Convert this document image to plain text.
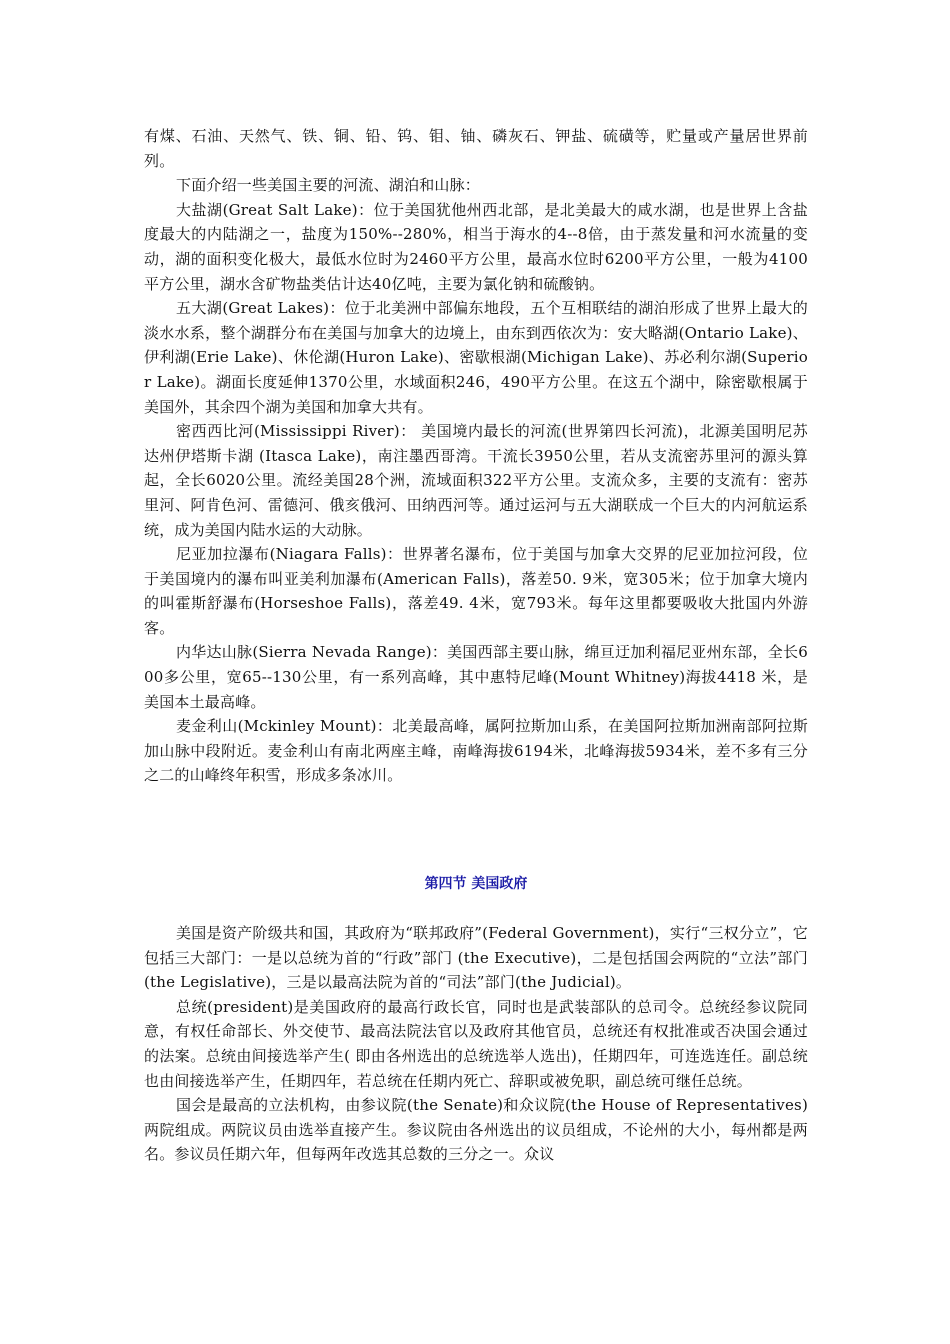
有煤、石油、天然气、铁、铜、铅、钨、钼、铀、磷灰石、钾盐、硫磺等，贮量或产量居世界前列。

下面介绍一些美国主要的河流、湖泊和山脉：

大盐湖(Great Salt Lake)：位于美国犹他州西北部，是北美最大的咸水湖，也是世界上含盐度最大的内陆湖之一，盐度为150%--280%，相当于海水的4--8倍，由于蒸发量和河水流量的变动，湖的面积变化极大，最低水位时为2460平方公里，最高水位时6200平方公里，一般为4100平方公里，湖水含矿物盐类估计达40亿吨，主要为氯化钠和硫酸钠。

五大湖(Great Lakes)：位于北美洲中部偏东地段，五个互相联结的湖泊形成了世界上最大的淡水水系，整个湖群分布在美国与加拿大的边境上，由东到西依次为：安大略湖(Ontario Lake)、伊利湖(Erie Lake)、休伦湖(Huron Lake)、密歇根湖(Michigan Lake)、苏必利尔湖(Superior Lake)。湖面长度延伸1370公里，水域面积246，490平方公里。在这五个湖中，除密歇根属于美国外，其余四个湖为美国和加拿大共有。

密西西比河(Mississippi River)： 美国境内最长的河流(世界第四长河流)，北源美国明尼苏达州伊塔斯卡湖 (Itasca Lake)，南注墨西哥湾。干流长3950公里，若从支流密苏里河的源头算起，全长6020公里。流经美国28个洲，流域面积322平方公里。支流众多，主要的支流有：密苏里河、阿肯色河、雷德河、俄亥俄河、田纳西河等。通过运河与五大湖联成一个巨大的内河航运系统，成为美国内陆水运的大动脉。

尼亚加拉瀑布(Niagara Falls)：世界著名瀑布，位于美国与加拿大交界的尼亚加拉河段，位于美国境内的瀑布叫亚美利加瀑布(American Falls)，落差50. 9米，宽305米；位于加拿大境内的叫霍斯舒瀑布(Horseshoe Falls)，落差49. 4米，宽793米。每年这里都要吸收大批国内外游客。

内华达山脉(Sierra Nevada Range)：美国西部主要山脉，绵亘迂加利福尼亚州东部，全长600多公里，宽65--130公里，有一系列高峰，其中惠特尼峰(Mount Whitney)海拔4418 米，是美国本土最高峰。

麦金利山(Mckinley Mount)：北美最高峰，属阿拉斯加山系，在美国阿拉斯加洲南部阿拉斯加山脉中段附近。麦金利山有南北两座主峰，南峰海拔6194米，北峰海拔5934米，差不多有三分之二的山峰终年积雪，形成多条冰川。

第四节 美国政府

美国是资产阶级共和国，其政府为“联邦政府”(Federal Government)，实行“三权分立”，它包括三大部门：一是以总统为首的“行政”部门 (the Executive)，二是包括国会两院的“立法”部门 (the Legislative)，三是以最高法院为首的“司法”部门(the Judicial)。

总统(president)是美国政府的最高行政长官，同时也是武装部队的总司令。总统经参议院同意，有权任命部长、外交使节、最高法院法官以及政府其他官员，总统还有权批准或否决国会通过的法案。总统由间接选举产生( 即由各州选出的总统选举人选出)，任期四年，可连选连任。副总统也由间接选举产生，任期四年，若总统在任期内死亡、辞职或被免职，副总统可继任总统。

国会是最高的立法机构，由参议院(the Senate)和众议院(the House of Representatives)两院组成。两院议员由选举直接产生。参议院由各州选出的议员组成，不论州的大小，每州都是两名。参议员任期六年，但每两年改选其总数的三分之一。众议
